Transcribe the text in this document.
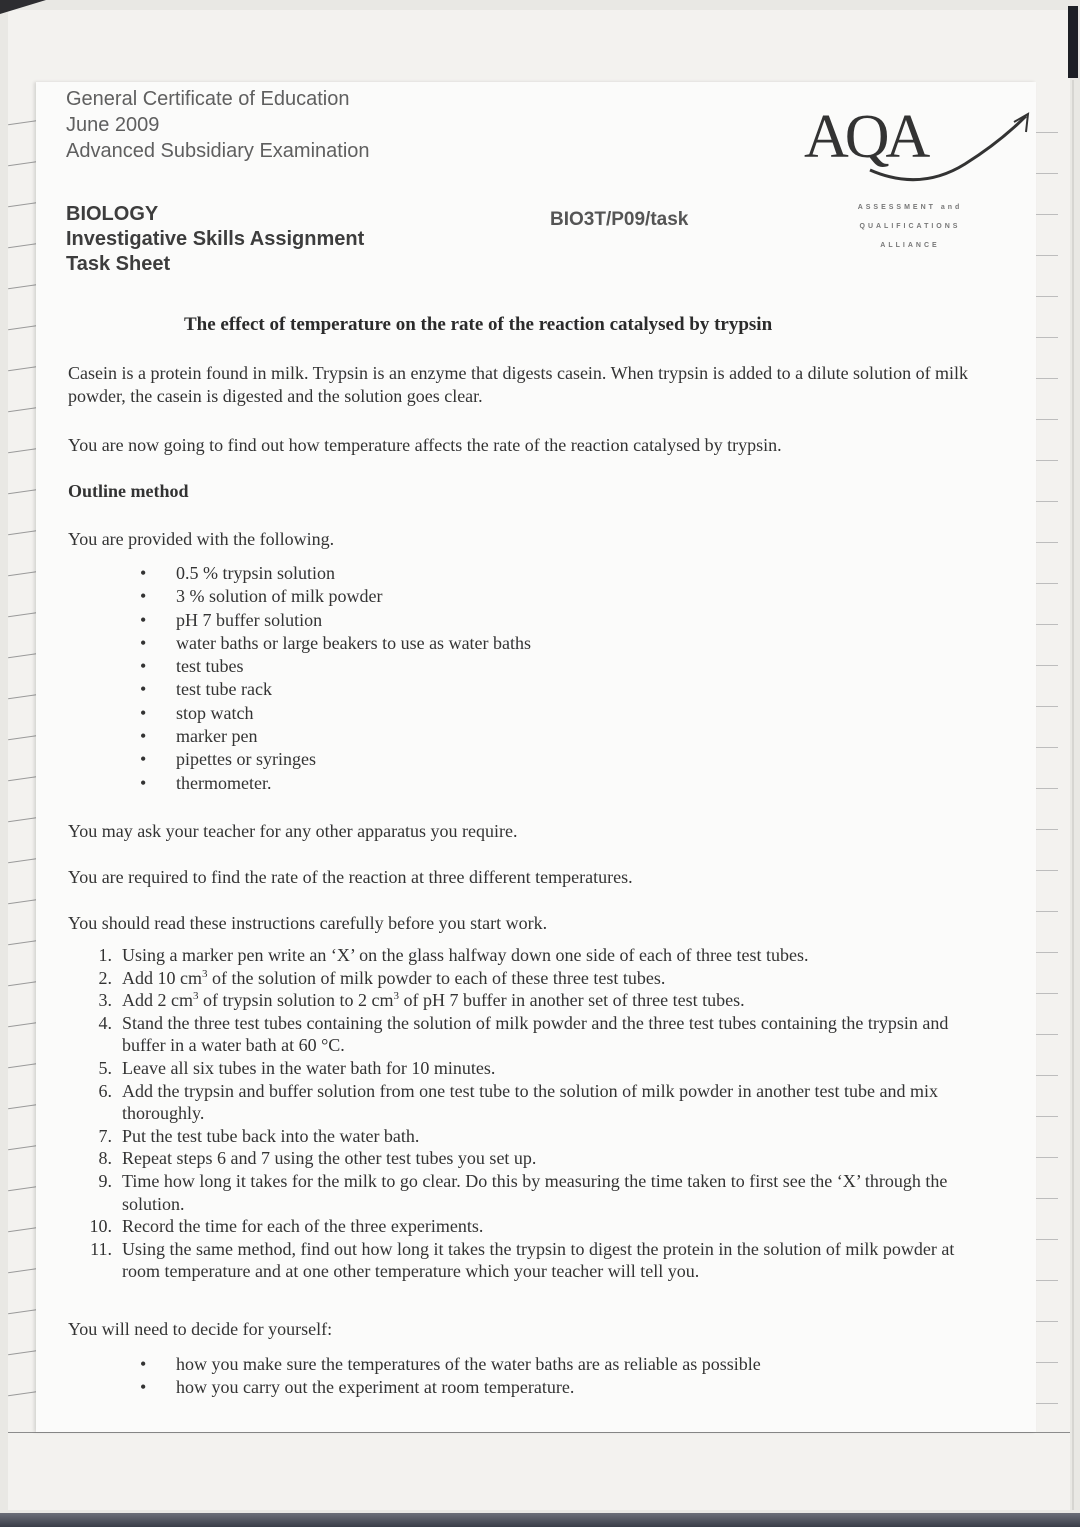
General Certificate of Education
June 2009
Advanced Subsidiary Examination
BIOLOGY
Investigative Skills Assignment
Task Sheet
BIO3T/P09/task
AQA
ASSESSMENT and
QUALIFICATIONS
ALLIANCE
The effect of temperature on the rate of the reaction catalysed by trypsin
Casein is a protein found in milk. Trypsin is an enzyme that digests casein. When trypsin is added to a dilute solution of milk powder, the casein is digested and the solution goes clear.
You are now going to find out how temperature affects the rate of the reaction catalysed by trypsin.
Outline method
You are provided with the following.
• 0.5 % trypsin solution
• 3 % solution of milk powder
• pH 7 buffer solution
• water baths or large beakers to use as water baths
• test tubes
• test tube rack
• stop watch
• marker pen
• pipettes or syringes
• thermometer.
You may ask your teacher for any other apparatus you require.
You are required to find the rate of the reaction at three different temperatures.
You should read these instructions carefully before you start work.
1. Using a marker pen write an ‘X’ on the glass halfway down one side of each of three test tubes.
2. Add 10 $cm^3$ of the solution of milk powder to each of these three test tubes.
3. Add 2 $cm^3$ of trypsin solution to 2 $cm^3$ of pH 7 buffer in another set of three test tubes.
4. Stand the three test tubes containing the solution of milk powder and the three test tubes containing the trypsin and buffer in a water bath at 60 °C.
5. Leave all six tubes in the water bath for 10 minutes.
6. Add the trypsin and buffer solution from one test tube to the solution of milk powder in another test tube and mix thoroughly.
7. Put the test tube back into the water bath.
8. Repeat steps 6 and 7 using the other test tubes you set up.
9. Time how long it takes for the milk to go clear. Do this by measuring the time taken to first see the ‘X’ through the solution.
10. Record the time for each of the three experiments.
11. Using the same method, find out how long it takes the trypsin to digest the protein in the solution of milk powder at room temperature and at one other temperature which your teacher will tell you.
You will need to decide for yourself:
• how you make sure the temperatures of the water baths are as reliable as possible
• how you carry out the experiment at room temperature.
